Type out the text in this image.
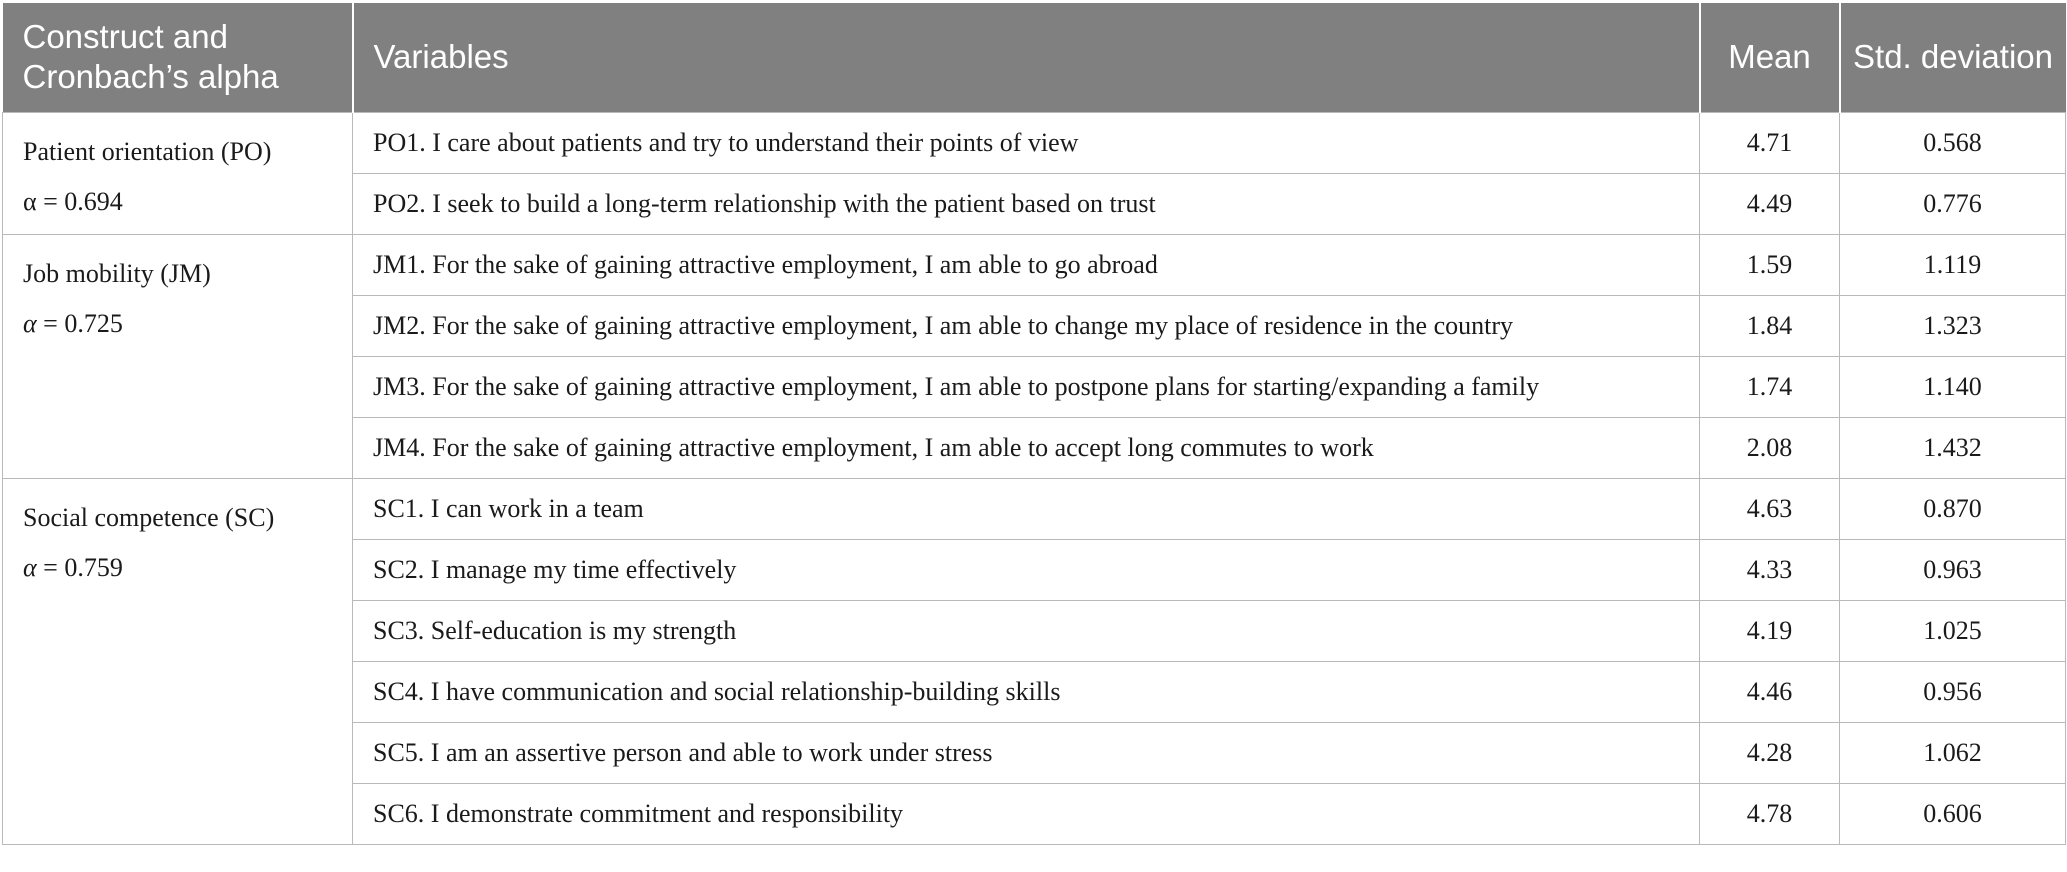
Construct and Cronbach’s alpha	Variables	Mean	Std. deviation

Patient orientation (PO)
α = 0.694	PO1. I care about patients and try to understand their points of view	4.71	0.568
	PO2. I seek to build a long-term relationship with the patient based on trust	4.49	0.776

Job mobility (JM)
α = 0.725	JM1. For the sake of gaining attractive employment, I am able to go abroad	1.59	1.119
	JM2. For the sake of gaining attractive employment, I am able to change my place of residence in the country	1.84	1.323
	JM3. For the sake of gaining attractive employment, I am able to postpone plans for starting/expanding a family	1.74	1.140
	JM4. For the sake of gaining attractive employment, I am able to accept long commutes to work	2.08	1.432

Social competence (SC)
α = 0.759	SC1. I can work in a team	4.63	0.870
	SC2. I manage my time effectively	4.33	0.963
	SC3. Self-education is my strength	4.19	1.025
	SC4. I have communication and social relationship-building skills	4.46	0.956
	SC5. I am an assertive person and able to work under stress	4.28	1.062
	SC6. I demonstrate commitment and responsibility	4.78	0.606
